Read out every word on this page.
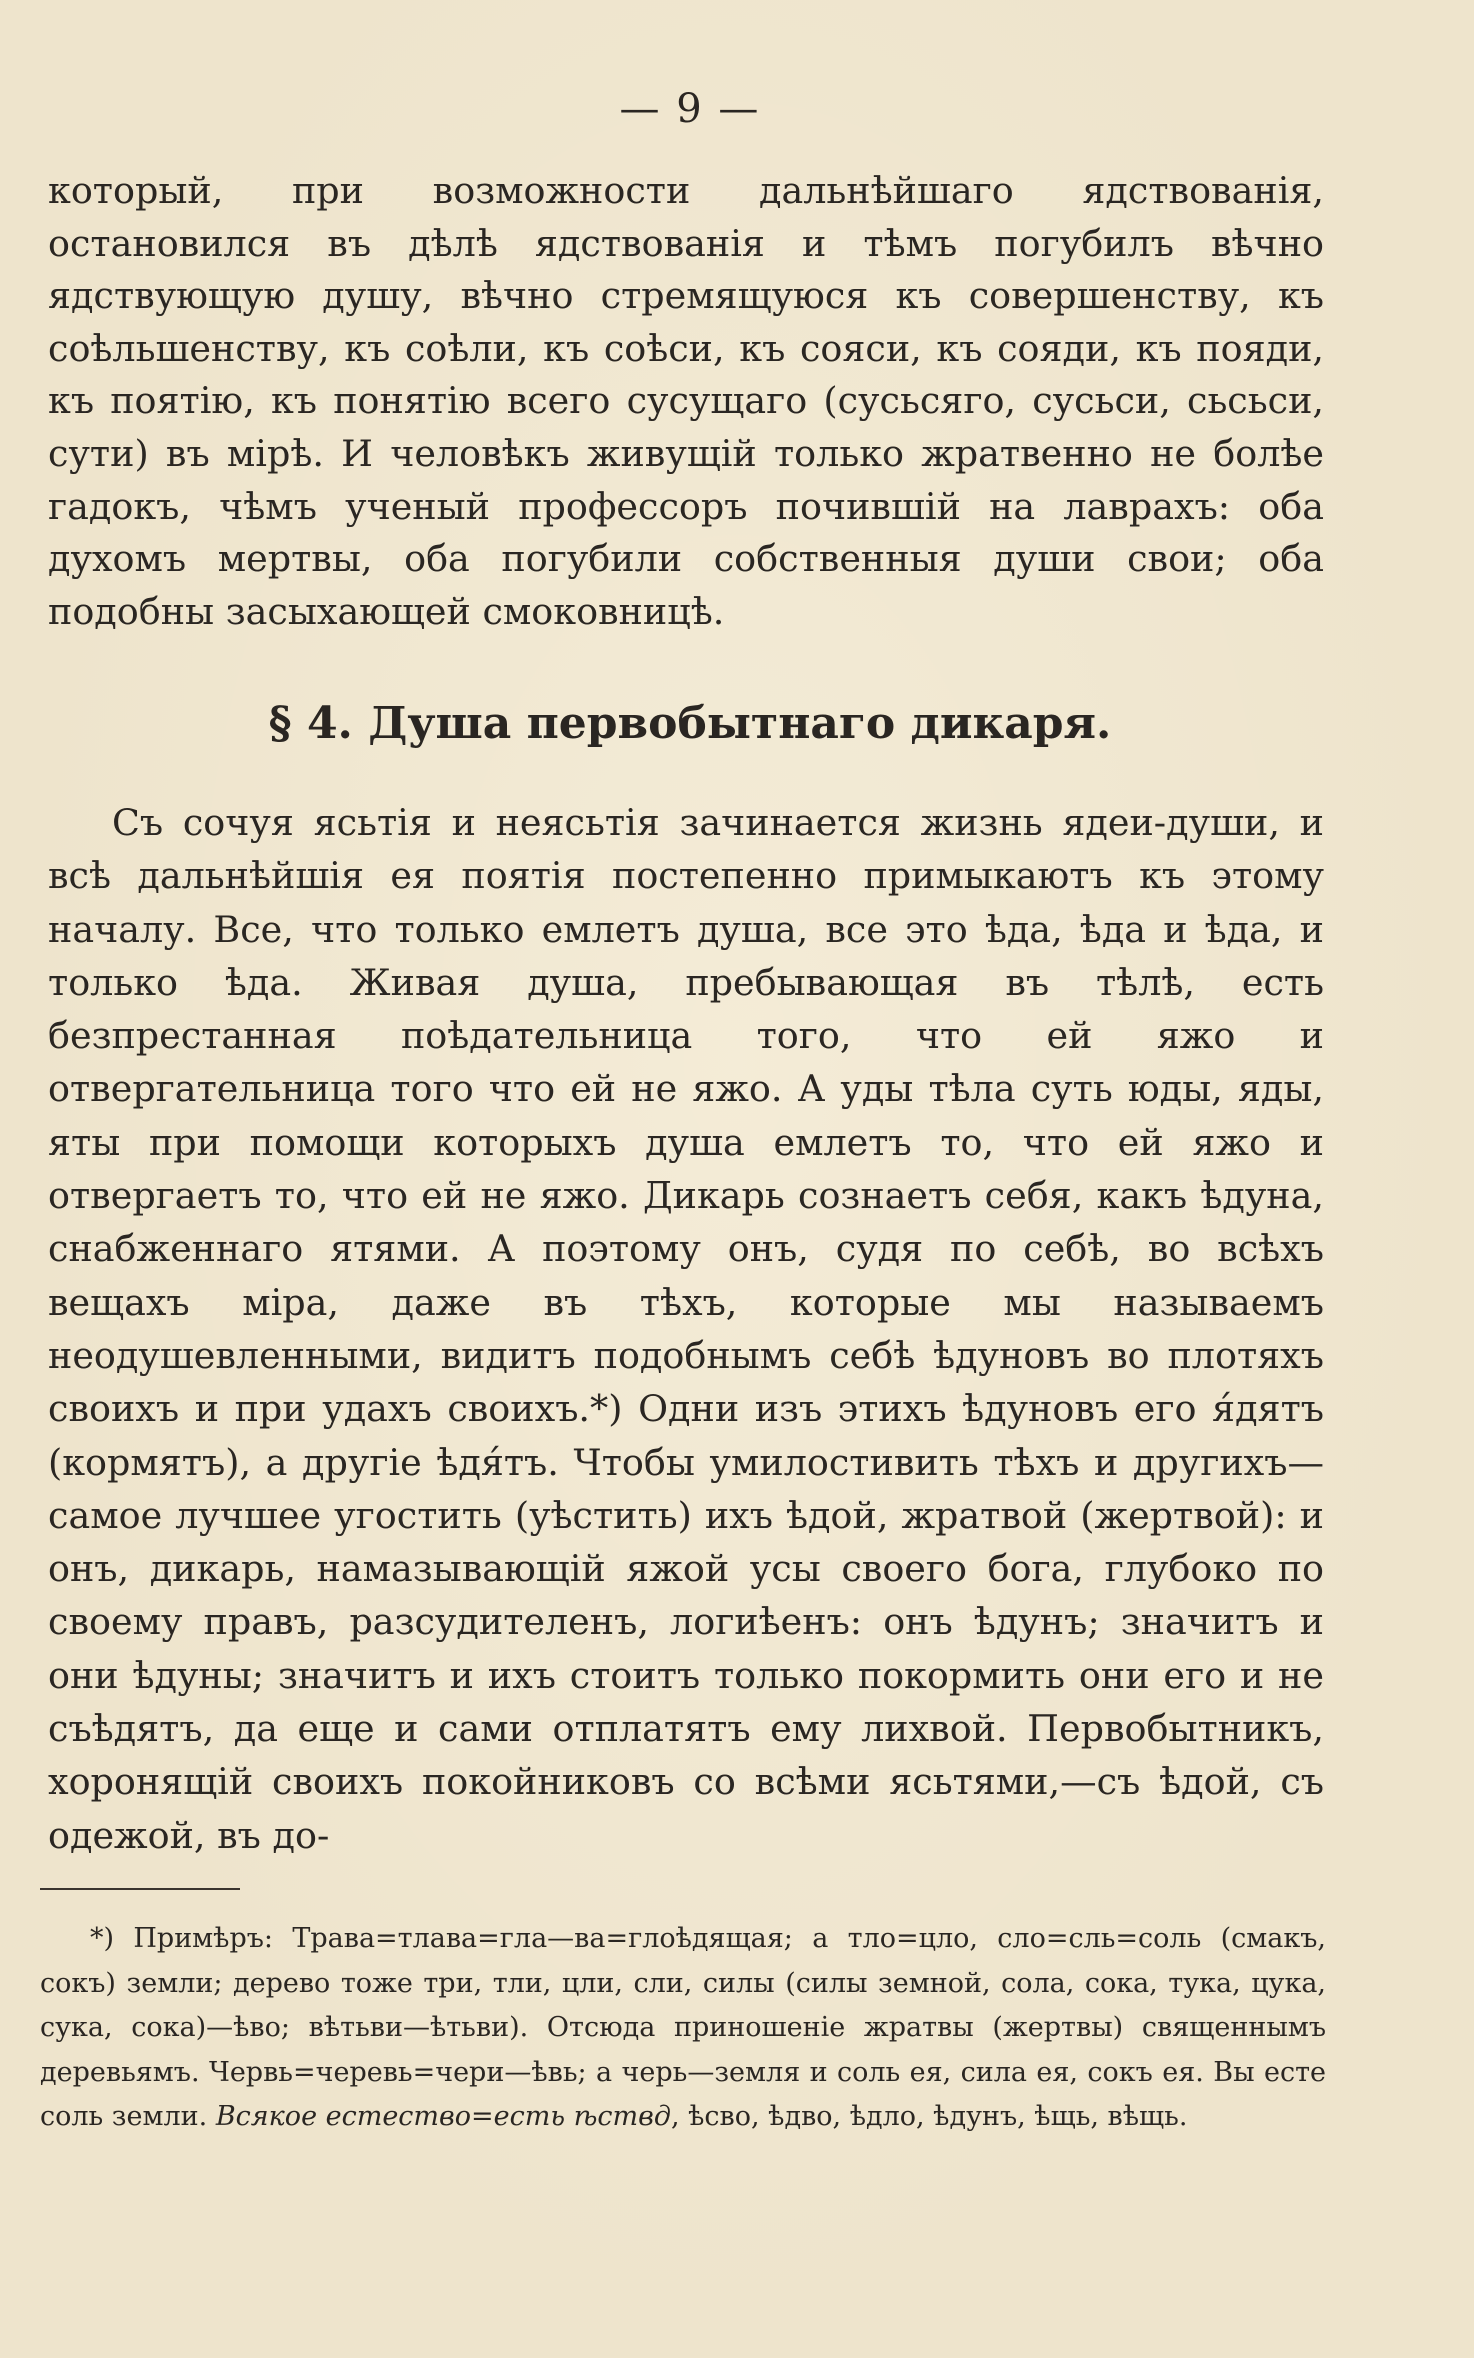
— 9 —

который, при возможности дальнѣйшаго ядствованія, остановился въ дѣлѣ ядствованія и тѣмъ погубилъ вѣчно ядствующую душу, вѣчно стремящуюся къ совершенству, къ соѣльшенству, къ соѣли, къ соѣси, къ сояси, къ сояди, къ пояди, къ поятію, къ понятію всего сусущаго (сусьсяго, сусьси, сьсьси, сути) въ мірѣ. И человѣкъ живущій только жратвенно не болѣе гадокъ, чѣмъ ученый профессоръ почившій на лаврахъ: оба духомъ мертвы, оба погубили собственныя души свои; оба подобны засыхающей смоковницѣ.

§ 4. Душа первобытнаго дикаря.

Съ сочуя ясьтія и неясьтія зачинается жизнь ядеи-души, и всѣ дальнѣйшія ея поятія постепенно примыкаютъ къ этому началу. Все, что только емлетъ душа, все это ѣда, ѣда и ѣда, и только ѣда. Живая душа, пребывающая въ тѣлѣ, есть безпрестанная поѣдательница того, что ей яжо и отвергательница того что ей не яжо. А уды тѣла суть юды, яды, яты при помощи которыхъ душа емлетъ то, что ей яжо и отвергаетъ то, что ей не яжо. Дикарь сознаетъ себя, какъ ѣдуна, снабженнаго ятями. А поэтому онъ, судя по себѣ, во всѣхъ вещахъ міра, даже въ тѣхъ, которые мы называемъ неодушевленными, видитъ подобнымъ себѣ ѣдуновъ во плотяхъ своихъ и при удахъ своихъ.*) Одни изъ этихъ ѣдуновъ его я́дятъ (кормятъ), а другіе ѣдя́тъ. Чтобы умилостивить тѣхъ и другихъ—самое лучшее угостить (уѣстить) ихъ ѣдой, жратвой (жертвой): и онъ, дикарь, намазывающій яжой усы своего бога, глубоко по своему правъ, разсудителенъ, логиѣенъ: онъ ѣдунъ; значитъ и они ѣдуны; значитъ и ихъ стоитъ только покормить они его и не съѣдятъ, да еще и сами отплатятъ ему лихвой. Первобытникъ, хоронящій своихъ покойниковъ со всѣми ясьтями,—съ ѣдой, съ одежой, въ до-

*) Примѣръ: Трава=тлава=гла—ва=глоѣдящая; а тло=цло, сло=сль=соль (смакъ, сокъ) земли; дерево тоже три, тли, цли, сли, силы (силы земной, сола, сока, тука, цука, сука, сока)—ѣво; вѣтьви—ѣтьви). Отсюда приношеніе жратвы (жертвы) священнымъ деревьямъ. Червь=черевь=чери—ѣвь; а черь—земля и соль ея, сила ея, сокъ ея. Вы есте соль земли. Всякое естество=есть ѣствд, ѣсво, ѣдво, ѣдло, ѣдунъ, ѣщь, вѣщь.
